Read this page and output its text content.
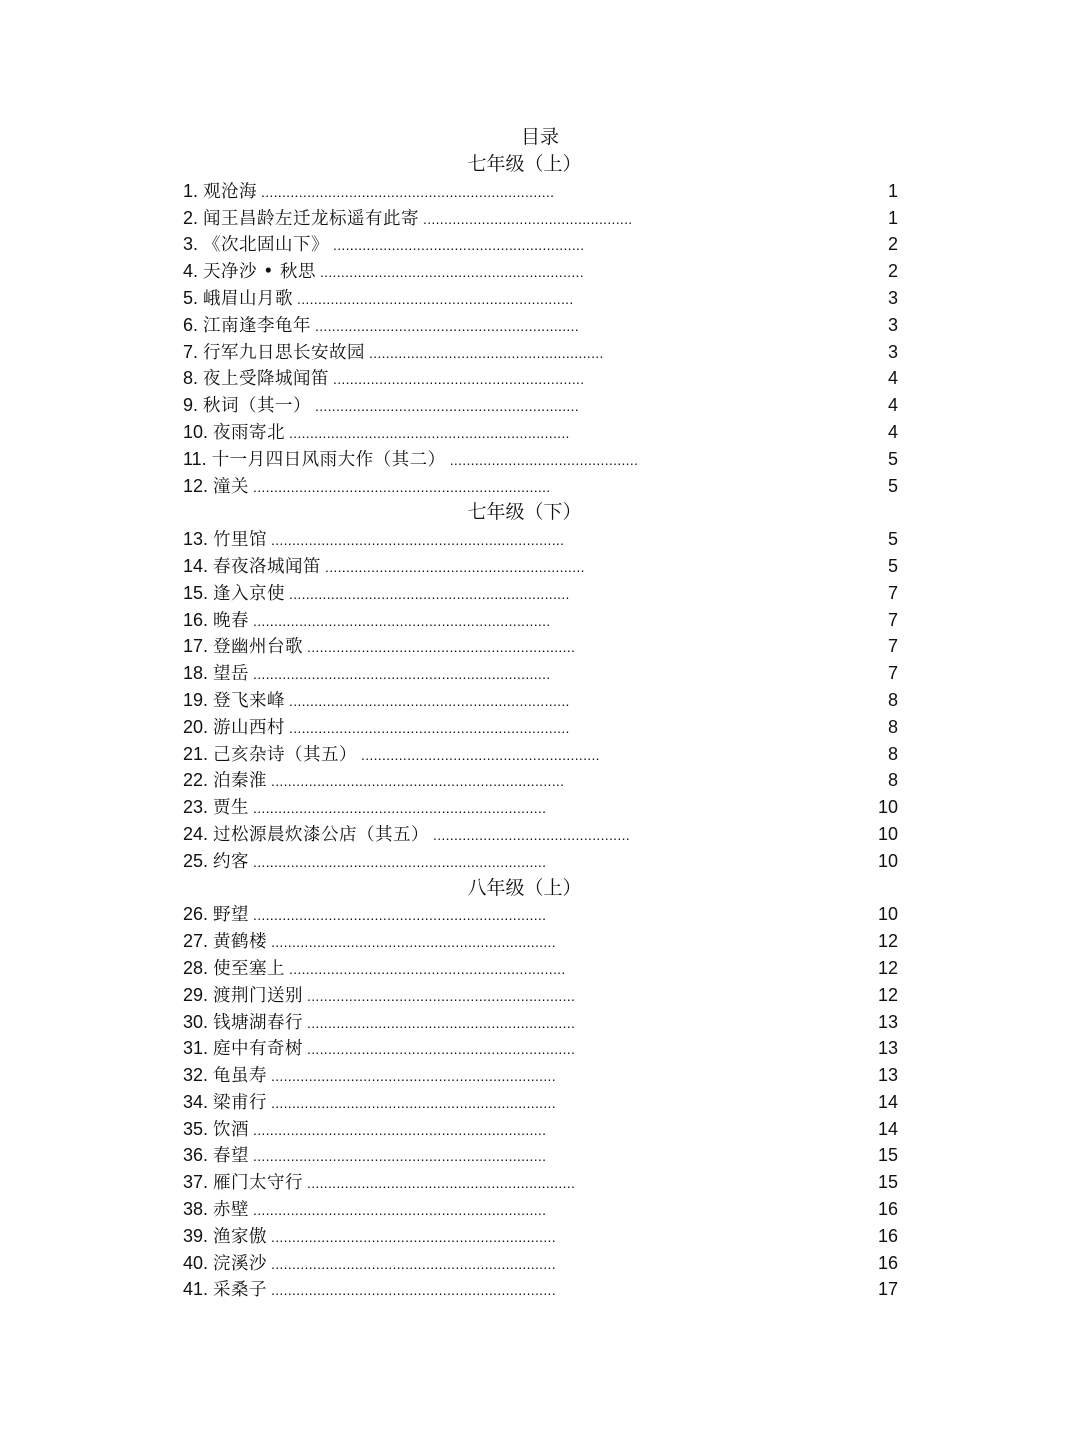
目录
七年级（上）
1. 观沧海 ......................................................................	1
2. 闻王昌龄左迁龙标遥有此寄 ..................................................	1
3. 《次北固山下》 ............................................................	2
4. 天净沙 • 秋思 ...............................................................	2
5. 峨眉山月歌 ..................................................................	3
6. 江南逢李龟年 ...............................................................	3
7. 行军九日思长安故园 ........................................................	3
8. 夜上受降城闻笛 ............................................................	4
9. 秋词（其一） ...............................................................	4
10. 夜雨寄北 ...................................................................	4
11. 十一月四日风雨大作（其二） .............................................	5
12. 潼关 .......................................................................	5
七年级（下）
13. 竹里馆 ......................................................................	5
14. 春夜洛城闻笛 ..............................................................	5
15. 逢入京使 ...................................................................	7
16. 晚春 .......................................................................	7
17. 登幽州台歌 ................................................................	7
18. 望岳 .......................................................................	7
19. 登飞来峰 ...................................................................	8
20. 游山西村 ...................................................................	8
21. 己亥杂诗（其五） .........................................................	8
22. 泊秦淮 ......................................................................	8
23. 贾生 ......................................................................	10
24. 过松源晨炊漆公店（其五） ...............................................	10
25. 约客 ......................................................................	10
八年级（上）
26. 野望 ......................................................................	10
27. 黄鹤楼 ....................................................................	12
28. 使至塞上 ..................................................................	12
29. 渡荆门送别 ................................................................	12
30. 钱塘湖春行 ................................................................	13
31. 庭中有奇树 ................................................................	13
32. 龟虽寿 ....................................................................	13
34. 梁甫行 ....................................................................	14
35. 饮酒 ......................................................................	14
36. 春望 ......................................................................	15
37. 雁门太守行 ................................................................	15
38. 赤壁 ......................................................................	16
39. 渔家傲 ....................................................................	16
40. 浣溪沙 ....................................................................	16
41. 采桑子 ....................................................................	17
